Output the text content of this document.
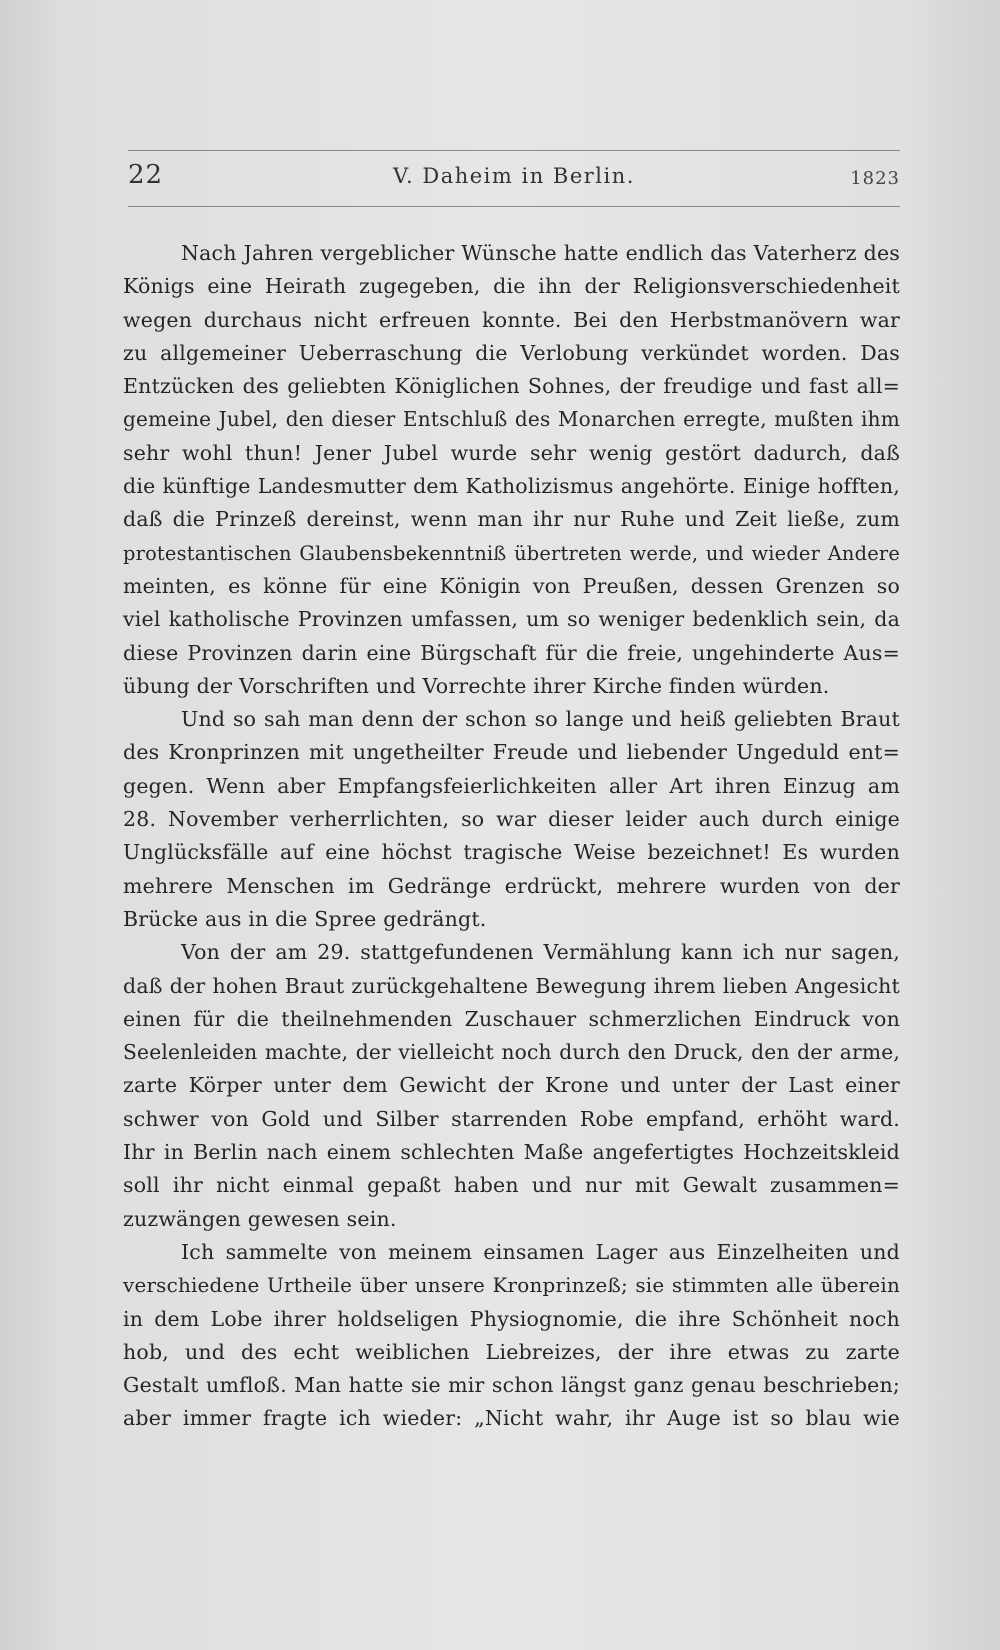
22	V. Daheim in Berlin.	1823
Nach Jahren vergeblicher Wünsche hatte endlich das Vaterherz des
Königs eine Heirath zugegeben, die ihn der Religionsverschiedenheit
wegen durchaus nicht erfreuen konnte. Bei den Herbstmanövern war
zu allgemeiner Ueberraschung die Verlobung verkündet worden. Das
Entzücken des geliebten Königlichen Sohnes, der freudige und fast all=
gemeine Jubel, den dieser Entschluß des Monarchen erregte, mußten ihm
sehr wohl thun! Jener Jubel wurde sehr wenig gestört dadurch, daß
die künftige Landesmutter dem Katholizismus angehörte. Einige hofften,
daß die Prinzeß dereinst, wenn man ihr nur Ruhe und Zeit ließe, zum
protestantischen Glaubensbekenntniß übertreten werde, und wieder Andere
meinten, es könne für eine Königin von Preußen, dessen Grenzen so
viel katholische Provinzen umfassen, um so weniger bedenklich sein, da
diese Provinzen darin eine Bürgschaft für die freie, ungehinderte Aus=
übung der Vorschriften und Vorrechte ihrer Kirche finden würden.
Und so sah man denn der schon so lange und heiß geliebten Braut
des Kronprinzen mit ungetheilter Freude und liebender Ungeduld ent=
gegen. Wenn aber Empfangsfeierlichkeiten aller Art ihren Einzug am
28. November verherrlichten, so war dieser leider auch durch einige
Unglücksfälle auf eine höchst tragische Weise bezeichnet! Es wurden
mehrere Menschen im Gedränge erdrückt, mehrere wurden von der
Brücke aus in die Spree gedrängt.
Von der am 29. stattgefundenen Vermählung kann ich nur sagen,
daß der hohen Braut zurückgehaltene Bewegung ihrem lieben Angesicht
einen für die theilnehmenden Zuschauer schmerzlichen Eindruck von
Seelenleiden machte, der vielleicht noch durch den Druck, den der arme,
zarte Körper unter dem Gewicht der Krone und unter der Last einer
schwer von Gold und Silber starrenden Robe empfand, erhöht ward.
Ihr in Berlin nach einem schlechten Maße angefertigtes Hochzeitskleid
soll ihr nicht einmal gepaßt haben und nur mit Gewalt zusammen=
zuzwängen gewesen sein.
Ich sammelte von meinem einsamen Lager aus Einzelheiten und
verschiedene Urtheile über unsere Kronprinzeß; sie stimmten alle überein
in dem Lobe ihrer holdseligen Physiognomie, die ihre Schönheit noch
hob, und des echt weiblichen Liebreizes, der ihre etwas zu zarte
Gestalt umfloß. Man hatte sie mir schon längst ganz genau beschrieben;
aber immer fragte ich wieder: „Nicht wahr, ihr Auge ist so blau wie
